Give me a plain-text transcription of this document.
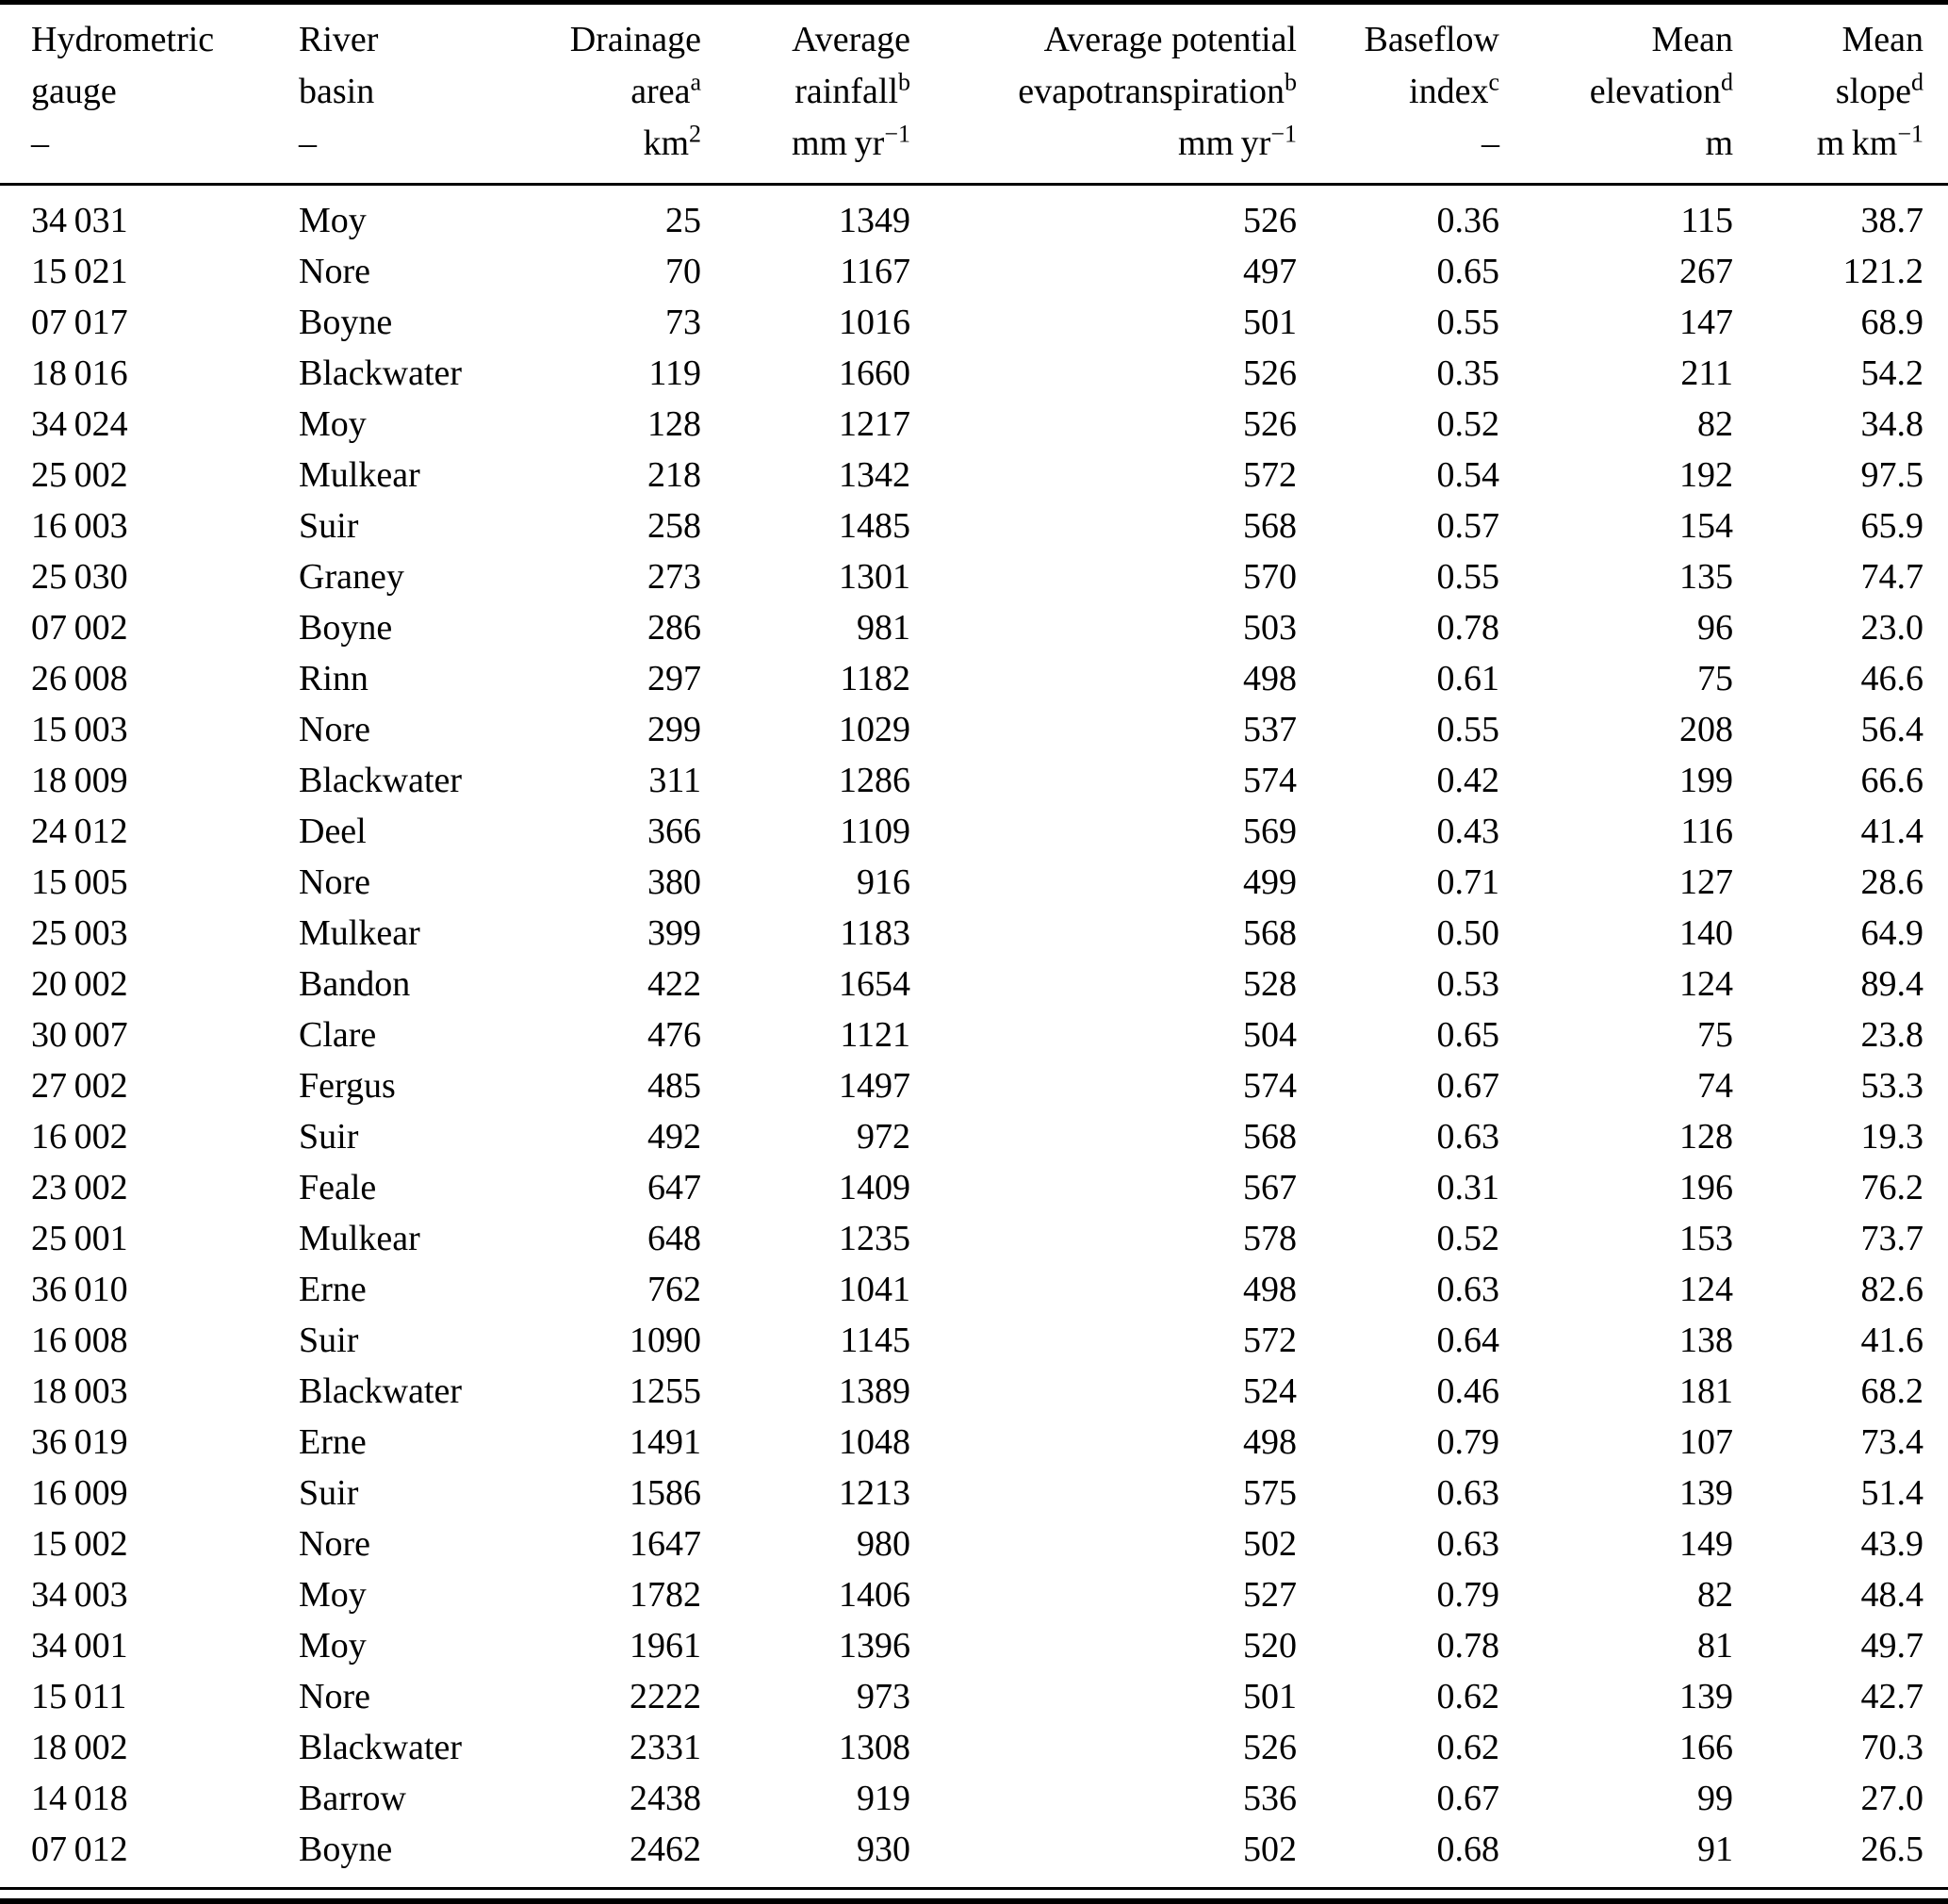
Hydrometric	River	Drainage	Average	Average potential	Baseflow	Mean	Mean
gauge	basin	area$^a$	rainfall$^b$	evapotranspiration$^b$	index$^c$	elevation$^d$	slope$^d$
–	–	$km^2$	mm $yr^{-1}$	mm $yr^{-1}$	–	m	m $km^{-1}$
34 031	Moy	25	1349	526	0.36	115	38.7
15 021	Nore	70	1167	497	0.65	267	121.2
07 017	Boyne	73	1016	501	0.55	147	68.9
18 016	Blackwater	119	1660	526	0.35	211	54.2
34 024	Moy	128	1217	526	0.52	82	34.8
25 002	Mulkear	218	1342	572	0.54	192	97.5
16 003	Suir	258	1485	568	0.57	154	65.9
25 030	Graney	273	1301	570	0.55	135	74.7
07 002	Boyne	286	981	503	0.78	96	23.0
26 008	Rinn	297	1182	498	0.61	75	46.6
15 003	Nore	299	1029	537	0.55	208	56.4
18 009	Blackwater	311	1286	574	0.42	199	66.6
24 012	Deel	366	1109	569	0.43	116	41.4
15 005	Nore	380	916	499	0.71	127	28.6
25 003	Mulkear	399	1183	568	0.50	140	64.9
20 002	Bandon	422	1654	528	0.53	124	89.4
30 007	Clare	476	1121	504	0.65	75	23.8
27 002	Fergus	485	1497	574	0.67	74	53.3
16 002	Suir	492	972	568	0.63	128	19.3
23 002	Feale	647	1409	567	0.31	196	76.2
25 001	Mulkear	648	1235	578	0.52	153	73.7
36 010	Erne	762	1041	498	0.63	124	82.6
16 008	Suir	1090	1145	572	0.64	138	41.6
18 003	Blackwater	1255	1389	524	0.46	181	68.2
36 019	Erne	1491	1048	498	0.79	107	73.4
16 009	Suir	1586	1213	575	0.63	139	51.4
15 002	Nore	1647	980	502	0.63	149	43.9
34 003	Moy	1782	1406	527	0.79	82	48.4
34 001	Moy	1961	1396	520	0.78	81	49.7
15 011	Nore	2222	973	501	0.62	139	42.7
18 002	Blackwater	2331	1308	526	0.62	166	70.3
14 018	Barrow	2438	919	536	0.67	99	27.0
07 012	Boyne	2462	930	502	0.68	91	26.5
